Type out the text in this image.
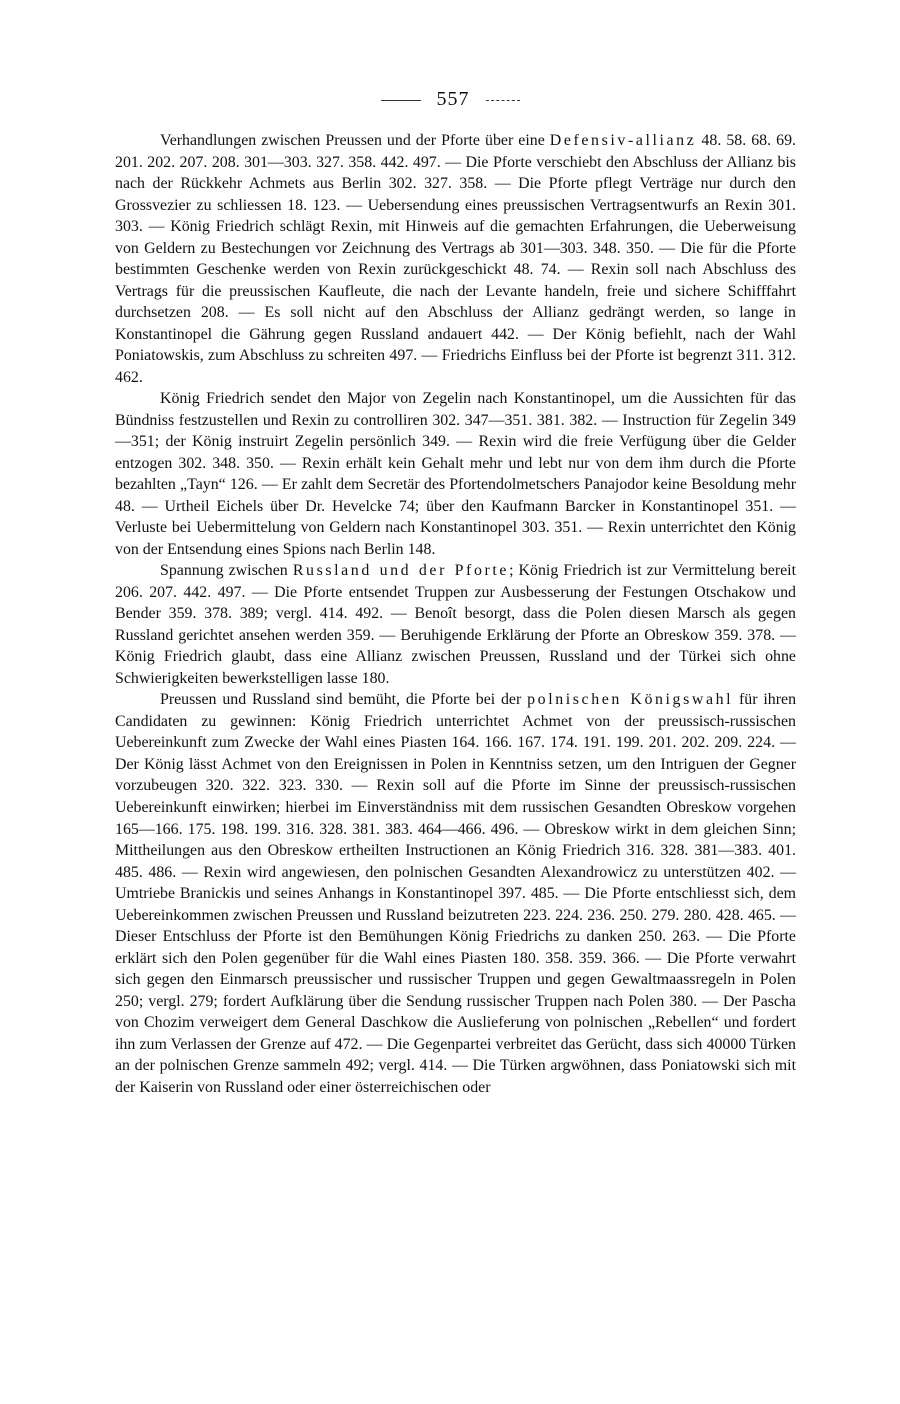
557

Verhandlungen zwischen Preussen und der Pforte über eine Defensiv-allianz 48. 58. 68. 69. 201. 202. 207. 208. 301—303. 327. 358. 442. 497. — Die Pforte verschiebt den Abschluss der Allianz bis nach der Rückkehr Achmets aus Berlin 302. 327. 358. — Die Pforte pflegt Verträge nur durch den Grossvezier zu schliessen 18. 123. — Uebersendung eines preussischen Vertragsentwurfs an Rexin 301. 303. — König Friedrich schlägt Rexin, mit Hinweis auf die gemachten Erfahrungen, die Ueberweisung von Geldern zu Bestechungen vor Zeichnung des Vertrags ab 301—303. 348. 350. — Die für die Pforte bestimmten Geschenke werden von Rexin zurückgeschickt 48. 74. — Rexin soll nach Abschluss des Vertrags für die preussischen Kaufleute, die nach der Levante handeln, freie und sichere Schifffahrt durchsetzen 208. — Es soll nicht auf den Abschluss der Allianz gedrängt werden, so lange in Konstantinopel die Gährung gegen Russland andauert 442. — Der König befiehlt, nach der Wahl Poniatowskis, zum Abschluss zu schreiten 497. — Friedrichs Einfluss bei der Pforte ist begrenzt 311. 312. 462.

König Friedrich sendet den Major von Zegelin nach Konstantinopel, um die Aussichten für das Bündniss festzustellen und Rexin zu controlliren 302. 347—351. 381. 382. — Instruction für Zegelin 349—351; der König instruirt Zegelin persönlich 349. — Rexin wird die freie Verfügung über die Gelder entzogen 302. 348. 350. — Rexin erhält kein Gehalt mehr und lebt nur von dem ihm durch die Pforte bezahlten „Tayn“ 126. — Er zahlt dem Secretär des Pfortendolmetschers Panajodor keine Besoldung mehr 48. — Urtheil Eichels über Dr. Hevelcke 74; über den Kaufmann Barcker in Konstantinopel 351. — Verluste bei Uebermittelung von Geldern nach Konstantinopel 303. 351. — Rexin unterrichtet den König von der Entsendung eines Spions nach Berlin 148.

Spannung zwischen Russland und der Pforte; König Friedrich ist zur Vermittelung bereit 206. 207. 442. 497. — Die Pforte entsendet Truppen zur Ausbesserung der Festungen Otschakow und Bender 359. 378. 389; vergl. 414. 492. — Benoît besorgt, dass die Polen diesen Marsch als gegen Russland gerichtet ansehen werden 359. — Beruhigende Erklärung der Pforte an Obreskow 359. 378. — König Friedrich glaubt, dass eine Allianz zwischen Preussen, Russland und der Türkei sich ohne Schwierigkeiten bewerkstelligen lasse 180.

Preussen und Russland sind bemüht, die Pforte bei der polnischen Königswahl für ihren Candidaten zu gewinnen: König Friedrich unterrichtet Achmet von der preussisch-russischen Uebereinkunft zum Zwecke der Wahl eines Piasten 164. 166. 167. 174. 191. 199. 201. 202. 209. 224. — Der König lässt Achmet von den Ereignissen in Polen in Kenntniss setzen, um den Intriguen der Gegner vorzubeugen 320. 322. 323. 330. — Rexin soll auf die Pforte im Sinne der preussisch-russischen Uebereinkunft einwirken; hierbei im Einverständniss mit dem russischen Gesandten Obreskow vorgehen 165—166. 175. 198. 199. 316. 328. 381. 383. 464—466. 496. — Obreskow wirkt in dem gleichen Sinn; Mittheilungen aus den Obreskow ertheilten Instructionen an König Friedrich 316. 328. 381—383. 401. 485. 486. — Rexin wird angewiesen, den polnischen Gesandten Alexandrowicz zu unterstützen 402. — Umtriebe Branickis und seines Anhangs in Konstantinopel 397. 485. — Die Pforte entschliesst sich, dem Uebereinkommen zwischen Preussen und Russland beizutreten 223. 224. 236. 250. 279. 280. 428. 465. — Dieser Entschluss der Pforte ist den Bemühungen König Friedrichs zu danken 250. 263. — Die Pforte erklärt sich den Polen gegenüber für die Wahl eines Piasten 180. 358. 359. 366. — Die Pforte verwahrt sich gegen den Einmarsch preussischer und russischer Truppen und gegen Gewaltmaassregeln in Polen 250; vergl. 279; fordert Aufklärung über die Sendung russischer Truppen nach Polen 380. — Der Pascha von Chozim verweigert dem General Daschkow die Auslieferung von polnischen „Rebellen“ und fordert ihn zum Verlassen der Grenze auf 472. — Die Gegenpartei verbreitet das Gerücht, dass sich 40000 Türken an der polnischen Grenze sammeln 492; vergl. 414. — Die Türken argwöhnen, dass Poniatowski sich mit der Kaiserin von Russland oder einer österreichischen oder
